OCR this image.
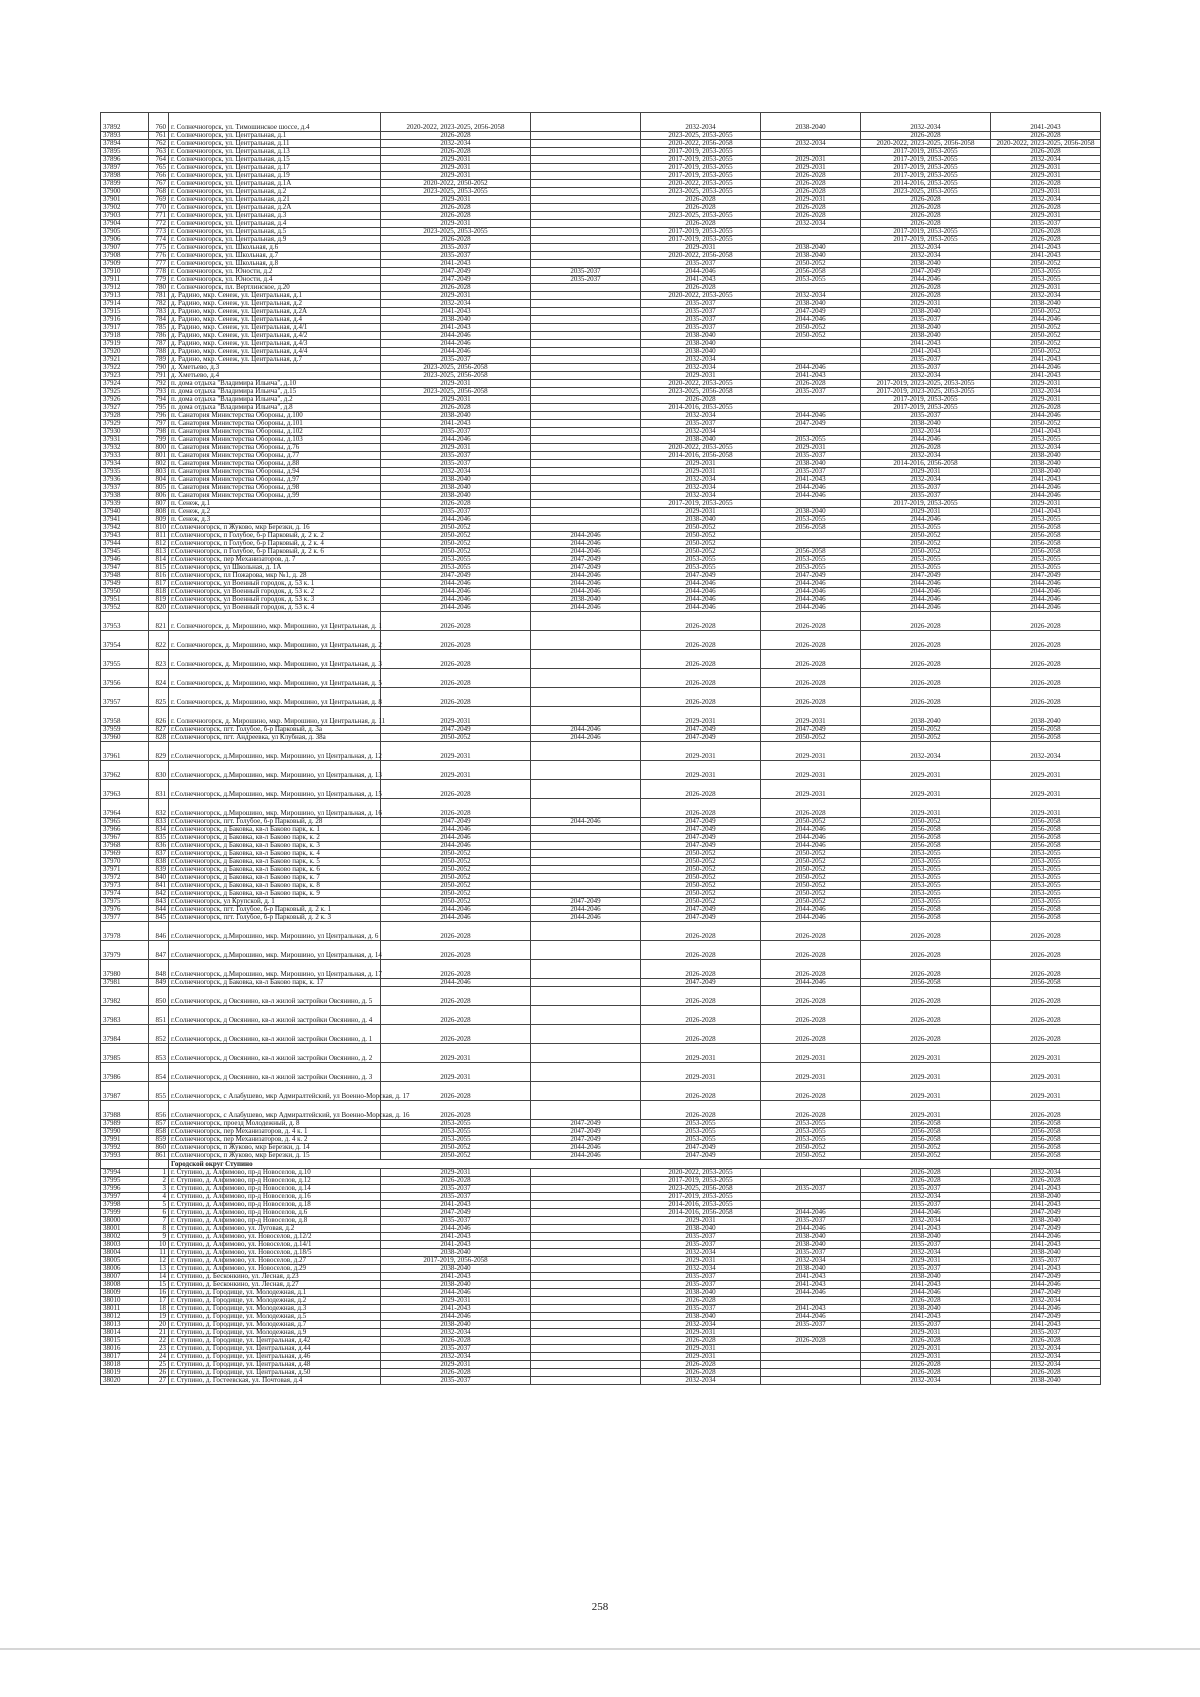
37892	760	г. Солнечногорск, ул. Тимошинское шоссе, д.4	2020-2022, 2023-2025, 2056-2058		2032-2034	2038-2040	2032-2034	2041-2043
37893	761	г. Солнечногорск, ул. Центральная, д.1	2026-2028		2023-2025, 2053-2055		2026-2028	2026-2028
37894	762	г. Солнечногорск, ул. Центральная, д.11	2032-2034		2020-2022, 2056-2058	2032-2034	2020-2022, 2023-2025, 2056-2058	2020-2022, 2023-2025, 2056-2058
37895	763	г. Солнечногорск, ул. Центральная, д.13	2026-2028		2017-2019, 2053-2055		2017-2019, 2053-2055	2026-2028
37896	764	г. Солнечногорск, ул. Центральная, д.15	2029-2031		2017-2019, 2053-2055	2029-2031	2017-2019, 2053-2055	2032-2034
37897	765	г. Солнечногорск, ул. Центральная, д.17	2029-2031		2017-2019, 2053-2055	2029-2031	2017-2019, 2053-2055	2029-2031
37898	766	г. Солнечногорск, ул. Центральная, д.19	2029-2031		2017-2019, 2053-2055	2026-2028	2017-2019, 2053-2055	2029-2031
37899	767	г. Солнечногорск, ул. Центральная, д.1А	2020-2022, 2050-2052		2020-2022, 2053-2055	2026-2028	2014-2016, 2053-2055	2026-2028
37900	768	г. Солнечногорск, ул. Центральная, д.2	2023-2025, 2053-2055		2023-2025, 2053-2055	2026-2028	2023-2025, 2053-2055	2029-2031
37901	769	г. Солнечногорск, ул. Центральная, д.21	2029-2031		2026-2028	2029-2031	2026-2028	2032-2034
37902	770	г. Солнечногорск, ул. Центральная, д.2А	2026-2028		2026-2028	2026-2028	2026-2028	2026-2028
37903	771	г. Солнечногорск, ул. Центральная, д.3	2026-2028		2023-2025, 2053-2055	2026-2028	2026-2028	2029-2031
37904	772	г. Солнечногорск, ул. Центральная, д.4	2029-2031		2026-2028	2032-2034	2026-2028	2035-2037
37905	773	г. Солнечногорск, ул. Центральная, д.5	2023-2025, 2053-2055		2017-2019, 2053-2055		2017-2019, 2053-2055	2026-2028
37906	774	г. Солнечногорск, ул. Центральная, д.9	2026-2028		2017-2019, 2053-2055		2017-2019, 2053-2055	2026-2028
37907	775	г. Солнечногорск, ул. Школьная, д.6	2035-2037		2029-2031	2038-2040	2032-2034	2041-2043
37908	776	г. Солнечногорск, ул. Школьная, д.7	2035-2037		2020-2022, 2056-2058	2038-2040	2032-2034	2041-2043
37909	777	г. Солнечногорск, ул. Школьная, д.8	2041-2043		2035-2037	2050-2052	2038-2040	2050-2052
37910	778	г. Солнечногорск, ул. Юности, д.2	2047-2049	2035-2037	2044-2046	2056-2058	2047-2049	2053-2055
37911	779	г. Солнечногорск, ул. Юности, д.4	2047-2049	2035-2037	2041-2043	2053-2055	2044-2046	2053-2055
37912	780	г. Солнечногорск, пл. Вертлинское, д.20	2026-2028		2026-2028		2026-2028	2029-2031
37913	781	д. Радино, мкр. Сенеж, ул. Центральная, д.1	2029-2031		2020-2022, 2053-2055	2032-2034	2026-2028	2032-2034
37914	782	д. Радино, мкр. Сенеж, ул. Центральная, д.2	2032-2034		2035-2037	2038-2040	2029-2031	2038-2040
37915	783	д. Радино, мкр. Сенеж, ул. Центральная, д.2А	2041-2043		2035-2037	2047-2049	2038-2040	2050-2052
37916	784	д. Радино, мкр. Сенеж, ул. Центральная, д.4	2038-2040		2035-2037	2044-2046	2035-2037	2044-2046
37917	785	д. Радино, мкр. Сенеж, ул. Центральная, д.4/1	2041-2043		2035-2037	2050-2052	2038-2040	2050-2052
37918	786	д. Радино, мкр. Сенеж, ул. Центральная, д.4/2	2044-2046		2038-2040	2050-2052	2038-2040	2050-2052
37919	787	д. Радино, мкр. Сенеж, ул. Центральная, д.4/3	2044-2046		2038-2040		2041-2043	2050-2052
37920	788	д. Радино, мкр. Сенеж, ул. Центральная, д.4/4	2044-2046		2038-2040		2041-2043	2050-2052
37921	789	д. Радино, мкр. Сенеж, ул. Центральная, д.7	2035-2037		2032-2034		2035-2037	2041-2043
37922	790	д. Хметьево, д.3	2023-2025, 2056-2058		2032-2034	2044-2046	2035-2037	2044-2046
37923	791	д. Хметьево, д.4	2023-2025, 2056-2058		2029-2031	2041-2043	2032-2034	2041-2043
37924	792	п. дома отдыха "Владимира Ильича", д.10	2029-2031		2020-2022, 2053-2055	2026-2028	2017-2019, 2023-2025, 2053-2055	2029-2031
37925	793	п. дома отдыха "Владимира Ильича", д.15	2023-2025, 2056-2058		2023-2025, 2056-2058	2035-2037	2017-2019, 2023-2025, 2053-2055	2032-2034
37926	794	п. дома отдыха "Владимира Ильича", д.2	2029-2031		2026-2028		2017-2019, 2053-2055	2029-2031
37927	795	п. дома отдыха "Владимира Ильича", д.8	2026-2028		2014-2016, 2053-2055		2017-2019, 2053-2055	2026-2028
37928	796	п. Санатория Министерства Обороны, д.100	2038-2040		2032-2034	2044-2046	2035-2037	2044-2046
37929	797	п. Санатория Министерства Обороны, д.101	2041-2043		2035-2037	2047-2049	2038-2040	2050-2052
37930	798	п. Санатория Министерства Обороны, д.102	2035-2037		2032-2034		2032-2034	2041-2043
37931	799	п. Санатория Министерства Обороны, д.103	2044-2046		2038-2040	2053-2055	2044-2046	2053-2055
37932	800	п. Санатория Министерства Обороны, д.76	2029-2031		2020-2022, 2053-2055	2029-2031	2026-2028	2032-2034
37933	801	п. Санатория Министерства Обороны, д.77	2035-2037		2014-2016, 2056-2058	2035-2037	2032-2034	2038-2040
37934	802	п. Санатория Министерства Обороны, д.88	2035-2037		2029-2031	2038-2040	2014-2016, 2056-2058	2038-2040
37935	803	п. Санатория Министерства Обороны, д.94	2032-2034		2029-2031	2035-2037	2029-2031	2038-2040
37936	804	п. Санатория Министерства Обороны, д.97	2038-2040		2032-2034	2041-2043	2032-2034	2041-2043
37937	805	п. Санатория Министерства Обороны, д.98	2038-2040		2032-2034	2044-2046	2035-2037	2044-2046
37938	806	п. Санатория Министерства Обороны, д.99	2038-2040		2032-2034	2044-2046	2035-2037	2044-2046
37939	807	п. Сенеж, д.1	2026-2028		2017-2019, 2053-2055		2017-2019, 2053-2055	2029-2031
37940	808	п. Сенеж, д.2	2035-2037		2029-2031	2038-2040	2029-2031	2041-2043
37941	809	п. Сенеж, д.3	2044-2046		2038-2040	2053-2055	2044-2046	2053-2055
37942	810	г.Солнечногорск, п Жуково, мкр Березки, д. 16	2050-2052		2050-2052	2056-2058	2053-2055	2056-2058
37943	811	г.Солнечногорск, п Голубое, б-р Парковый, д. 2 к. 2	2050-2052	2044-2046	2050-2052		2050-2052	2056-2058
37944	812	г.Солнечногорск, п Голубое, б-р Парковый, д. 2 к. 4	2050-2052	2044-2046	2050-2052		2050-2052	2056-2058
37945	813	г.Солнечногорск, п Голубое, б-р Парковый, д. 2 к. 6	2050-2052	2044-2046	2050-2052	2056-2058	2050-2052	2056-2058
37946	814	г.Солнечногорск, пер Механизаторов, д. 7	2053-2055	2047-2049	2053-2055	2053-2055	2053-2055	2053-2055
37947	815	г.Солнечногорск, ул Школьная, д. 1А	2053-2055	2047-2049	2053-2055	2053-2055	2053-2055	2053-2055
37948	816	г.Солнечногорск, пл Пожарова, мкр №1, д. 28	2047-2049	2044-2046	2047-2049	2047-2049	2047-2049	2047-2049
37949	817	г.Солнечногорск, ул Военный городок, д. 53 к. 1	2044-2046	2044-2046	2044-2046	2044-2046	2044-2046	2044-2046
37950	818	г.Солнечногорск, ул Военный городок, д. 53 к. 2	2044-2046	2044-2046	2044-2046	2044-2046	2044-2046	2044-2046
37951	819	г.Солнечногорск, ул Военный городок, д. 53 к. 3	2044-2046	2038-2040	2044-2046	2044-2046	2044-2046	2044-2046
37952	820	г.Солнечногорск, ул Военный городок, д. 53 к. 4	2044-2046	2044-2046	2044-2046	2044-2046	2044-2046	2044-2046
37953	821	г. Солнечногорск, д. Мирошино, мкр. Мирошино, ул Центральная, д. 1	2026-2028		2026-2028	2026-2028	2026-2028	2026-2028
37954	822	г. Солнечногорск, д. Мирошино, мкр. Мирошино, ул Центральная, д. 2	2026-2028		2026-2028	2026-2028	2026-2028	2026-2028
37955	823	г. Солнечногорск, д. Мирошино, мкр. Мирошино, ул Центральная, д. 3	2026-2028		2026-2028	2026-2028	2026-2028	2026-2028
37956	824	г. Солнечногорск, д. Мирошино, мкр. Мирошино, ул Центральная, д. 5	2026-2028		2026-2028	2026-2028	2026-2028	2026-2028
37957	825	г. Солнечногорск, д. Мирошино, мкр. Мирошино, ул Центральная, д. 8	2026-2028		2026-2028	2026-2028	2026-2028	2026-2028
37958	826	г. Солнечногорск, д. Мирошино, мкр. Мирошино, ул Центральная, д. 11	2029-2031		2029-2031	2029-2031	2038-2040	2038-2040
37959	827	г.Солнечногорск, пгт. Голубое, б-р Парковый, д. 3а	2047-2049	2044-2046	2047-2049	2047-2049	2050-2052	2056-2058
37960	828	г.Солнечногорск, пгт. Андреевка, ул Клубная, д. 38а	2050-2052	2044-2046	2047-2049	2050-2052	2050-2052	2056-2058
37961	829	г.Солнечногорск, д.Мирошино, мкр. Мирошино, ул Центральная, д. 12	2029-2031		2029-2031	2029-2031	2032-2034	2032-2034
37962	830	г.Солнечногорск, д.Мирошино, мкр. Мирошино, ул Центральная, д. 13	2029-2031		2029-2031	2029-2031	2029-2031	2029-2031
37963	831	г.Солнечногорск, д.Мирошино, мкр. Мирошино, ул Центральная, д. 15	2026-2028		2026-2028	2029-2031	2029-2031	2029-2031
37964	832	г.Солнечногорск, д.Мирошино, мкр. Мирошино, ул Центральная, д. 16	2026-2028		2026-2028	2026-2028	2029-2031	2029-2031
37965	833	г.Солнечногорск, пгт. Голубое, б-р Парковый, д. 28	2047-2049	2044-2046	2047-2049	2050-2052	2050-2052	2056-2058
37966	834	г.Солнечногорск, д Баковка, кв-л Баково парк, к. 1	2044-2046		2047-2049	2044-2046	2056-2058	2056-2058
37967	835	г.Солнечногорск, д Баковка, кв-л Баково парк, к. 2	2044-2046		2047-2049	2044-2046	2056-2058	2056-2058
37968	836	г.Солнечногорск, д Баковка, кв-л Баково парк, к. 3	2044-2046		2047-2049	2044-2046	2056-2058	2056-2058
37969	837	г.Солнечногорск, д Баковка, кв-л Баково парк, к. 4	2050-2052		2050-2052	2050-2052	2053-2055	2053-2055
37970	838	г.Солнечногорск, д Баковка, кв-л Баково парк, к. 5	2050-2052		2050-2052	2050-2052	2053-2055	2053-2055
37971	839	г.Солнечногорск, д Баковка, кв-л Баково парк, к. 6	2050-2052		2050-2052	2050-2052	2053-2055	2053-2055
37972	840	г.Солнечногорск, д Баковка, кв-л Баково парк, к. 7	2050-2052		2050-2052	2050-2052	2053-2055	2053-2055
37973	841	г.Солнечногорск, д Баковка, кв-л Баково парк, к. 8	2050-2052		2050-2052	2050-2052	2053-2055	2053-2055
37974	842	г.Солнечногорск, д Баковка, кв-л Баково парк, к. 9	2050-2052		2050-2052	2050-2052	2053-2055	2053-2055
37975	843	г.Солнечногорск, ул Крупской, д. 1	2050-2052	2047-2049	2050-2052	2050-2052	2053-2055	2053-2055
37976	844	г.Солнечногорск, пгт. Голубое, б-р Парковый, д. 2 к. 1	2044-2046	2044-2046	2047-2049	2044-2046	2056-2058	2056-2058
37977	845	г.Солнечногорск, пгт. Голубое, б-р Парковый, д. 2 к. 3	2044-2046	2044-2046	2047-2049	2044-2046	2056-2058	2056-2058
37978	846	г.Солнечногорск, д.Мирошино, мкр. Мирошино, ул Центральная, д. 6	2026-2028		2026-2028	2026-2028	2026-2028	2026-2028
37979	847	г.Солнечногорск, д.Мирошино, мкр. Мирошино, ул Центральная, д. 14	2026-2028		2026-2028	2026-2028	2026-2028	2026-2028
37980	848	г.Солнечногорск, д.Мирошино, мкр. Мирошино, ул Центральная, д. 17	2026-2028		2026-2028	2026-2028	2026-2028	2026-2028
37981	849	г.Солнечногорск, д Баковка, кв-л Баково парк, к. 17	2044-2046		2047-2049	2044-2046	2056-2058	2056-2058
37982	850	г.Солнечногорск, д Овсянино, кв-л жилой застройки Овсянино, д. 5	2026-2028		2026-2028	2026-2028	2026-2028	2026-2028
37983	851	г.Солнечногорск, д Овсянино, кв-л жилой застройки Овсянино, д. 4	2026-2028		2026-2028	2026-2028	2026-2028	2026-2028
37984	852	г.Солнечногорск, д Овсянино, кв-л жилой застройки Овсянино, д. 1	2026-2028		2026-2028	2026-2028	2026-2028	2026-2028
37985	853	г.Солнечногорск, д Овсянино, кв-л жилой застройки Овсянино, д. 2	2029-2031		2029-2031	2029-2031	2029-2031	2029-2031
37986	854	г.Солнечногорск, д Овсянино, кв-л жилой застройки Овсянино, д. 3	2029-2031		2029-2031	2029-2031	2029-2031	2029-2031
37987	855	г.Солнечногорск, с Алабушево, мкр Адмиралтейский, ул Военно-Морская, д. 17	2026-2028		2026-2028	2026-2028	2029-2031	2029-2031
37988	856	г.Солнечногорск, с Алабушево, мкр Адмиралтейский, ул Военно-Морская, д. 16	2026-2028		2026-2028	2026-2028	2029-2031	2026-2028
37989	857	г.Солнечногорск, проезд Молодежный, д. 8	2053-2055	2047-2049	2053-2055	2053-2055	2056-2058	2056-2058
37990	858	г.Солнечногорск, пер Механизаторов, д. 4 к. 1	2053-2055	2047-2049	2053-2055	2053-2055	2056-2058	2056-2058
37991	859	г.Солнечногорск, пер Механизаторов, д. 4 к. 2	2053-2055	2047-2049	2053-2055	2053-2055	2056-2058	2056-2058
37992	860	г.Солнечногорск, п Жуково, мкр Березки, д. 14	2050-2052	2044-2046	2047-2049	2050-2052	2050-2052	2056-2058
37993	861	г.Солнечногорск, п Жуково, мкр Березки, д. 15	2050-2052	2044-2046	2047-2049	2050-2052	2050-2052	2056-2058
		Городской округ Ступино						
37994	1	г. Ступино, д. Алфимово, пр-д Новоселов, д.10	2029-2031		2020-2022, 2053-2055		2026-2028	2032-2034
37995	2	г. Ступино, д. Алфимово, пр-д Новоселов, д.12	2026-2028		2017-2019, 2053-2055		2026-2028	2026-2028
37996	3	г. Ступино, д. Алфимово, пр-д Новоселов, д.14	2035-2037		2023-2025, 2056-2058	2035-2037	2035-2037	2041-2043
37997	4	г. Ступино, д. Алфимово, пр-д Новоселов, д.16	2035-2037		2017-2019, 2053-2055		2032-2034	2038-2040
37998	5	г. Ступино, д. Алфимово, пр-д Новоселов, д.18	2041-2043		2014-2016, 2053-2055		2035-2037	2041-2043
37999	6	г. Ступино, д. Алфимово, пр-д Новоселов, д.6	2047-2049		2014-2016, 2056-2058	2044-2046	2044-2046	2047-2049
38000	7	г. Ступино, д. Алфимово, пр-д Новоселов, д.8	2035-2037		2029-2031	2035-2037	2032-2034	2038-2040
38001	8	г. Ступино, д. Алфимово, ул. Луговая, д.2	2044-2046		2038-2040	2044-2046	2041-2043	2047-2049
38002	9	г. Ступино, д. Алфимово, ул. Новоселов, д.12/2	2041-2043		2035-2037	2038-2040	2038-2040	2044-2046
38003	10	г. Ступино, д. Алфимово, ул. Новоселов, д.14/1	2041-2043		2035-2037	2038-2040	2035-2037	2041-2043
38004	11	г. Ступино, д. Алфимово, ул. Новоселов, д.18/5	2038-2040		2032-2034	2035-2037	2032-2034	2038-2040
38005	12	г. Ступино, д. Алфимово, ул. Новоселов, д.27	2017-2019, 2056-2058		2029-2031	2032-2034	2029-2031	2035-2037
38006	13	г. Ступино, д. Алфимово, ул. Новоселов, д.29	2038-2040		2032-2034	2038-2040	2035-2037	2041-2043
38007	14	г. Ступино, д. Бесконкино, ул. Лесная, д.23	2041-2043		2035-2037	2041-2043	2038-2040	2047-2049
38008	15	г. Ступино, д. Бесконкино, ул. Лесная, д.27	2038-2040		2035-2037	2041-2043	2041-2043	2044-2046
38009	16	г. Ступино, д. Городище, ул. Молодежная, д.1	2044-2046		2038-2040	2044-2046	2044-2046	2047-2049
38010	17	г. Ступино, д. Городище, ул. Молодежная, д.2	2029-2031		2026-2028		2026-2028	2032-2034
38011	18	г. Ступино, д. Городище, ул. Молодежная, д.3	2041-2043		2035-2037	2041-2043	2038-2040	2044-2046
38012	19	г. Ступино, д. Городище, ул. Молодежная, д.5	2044-2046		2038-2040	2044-2046	2041-2043	2047-2049
38013	20	г. Ступино, д. Городище, ул. Молодежная, д.7	2038-2040		2032-2034	2035-2037	2035-2037	2041-2043
38014	21	г. Ступино, д. Городище, ул. Молодежная, д.9	2032-2034		2029-2031		2029-2031	2035-2037
38015	22	г. Ступино, д. Городище, ул. Центральная, д.42	2026-2028		2026-2028	2026-2028	2026-2028	2026-2028
38016	23	г. Ступино, д. Городище, ул. Центральная, д.44	2035-2037		2029-2031		2029-2031	2032-2034
38017	24	г. Ступино, д. Городище, ул. Центральная, д.46	2032-2034		2029-2031		2029-2031	2032-2034
38018	25	г. Ступино, д. Городище, ул. Центральная, д.48	2029-2031		2026-2028		2026-2028	2032-2034
38019	26	г. Ступино, д. Городище, ул. Центральная, д.50	2026-2028		2026-2028		2026-2028	2026-2028
38020	27	г. Ступино, д. Гостеевская, ул. Почтовая, д.4	2035-2037		2032-2034		2032-2034	2038-2040
258
